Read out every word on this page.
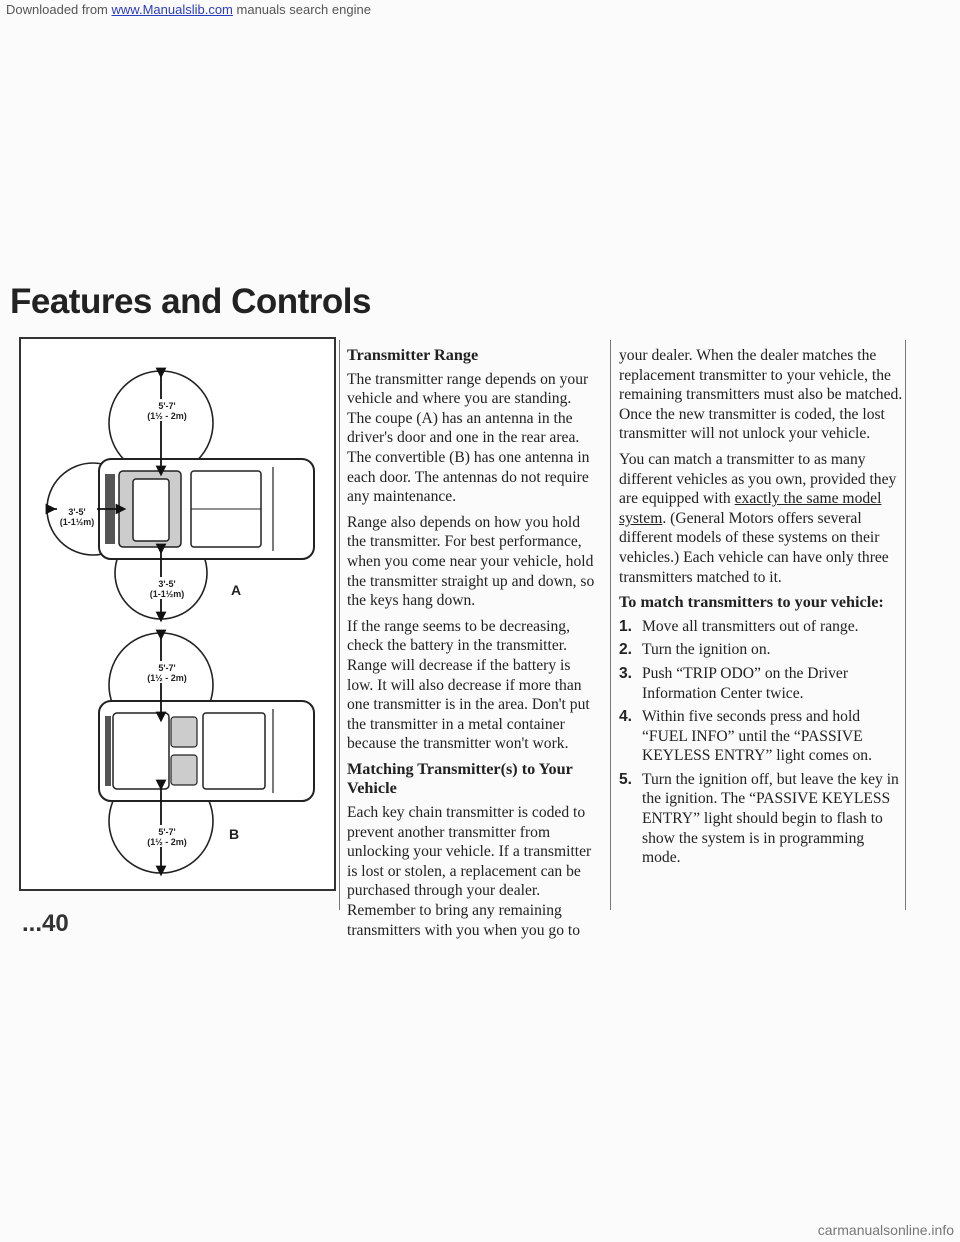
Downloaded from www.Manualslib.com manuals search engine
Features and Controls
5'-7'
(1½ - 2m)
3'-5'
(1-1½m)
3'-5'
(1-1½m)	A
5'-7'
(1½ - 2m)
5'-7'
(1½ - 2m)	B
...40
Transmitter Range

The transmitter range depends on your vehicle and where you are standing. The coupe (A) has an antenna in the driver's door and one in the rear area. The convertible (B) has one antenna in each door. The antennas do not require any maintenance.

Range also depends on how you hold the transmitter. For best performance, when you come near your vehicle, hold the transmitter straight up and down, so the keys hang down.

If the range seems to be decreasing, check the battery in the transmitter. Range will decrease if the battery is low. It will also decrease if more than one transmitter is in the area. Don't put the transmitter in a metal container because the transmitter won't work.

Matching Transmitter(s) to Your Vehicle

Each key chain transmitter is coded to prevent another transmitter from unlocking your vehicle. If a transmitter is lost or stolen, a replacement can be purchased through your dealer. Remember to bring any remaining transmitters with you when you go to

your dealer. When the dealer matches the replacement transmitter to your vehicle, the remaining transmitters must also be matched. Once the new transmitter is coded, the lost transmitter will not unlock your vehicle.

You can match a transmitter to as many different vehicles as you own, provided they are equipped with exactly the same model system. (General Motors offers several different models of these systems on their vehicles.) Each vehicle can have only three transmitters matched to it.

To match transmitters to your vehicle:
1. Move all transmitters out of range.
2. Turn the ignition on.
3. Push “TRIP ODO” on the Driver Information Center twice.
4. Within five seconds press and hold “FUEL INFO” until the “PASSIVE KEYLESS ENTRY” light comes on.
5. Turn the ignition off, but leave the key in the ignition. The “PASSIVE KEYLESS ENTRY” light should begin to flash to show the system is in programming mode.
carmanualsonline.info
